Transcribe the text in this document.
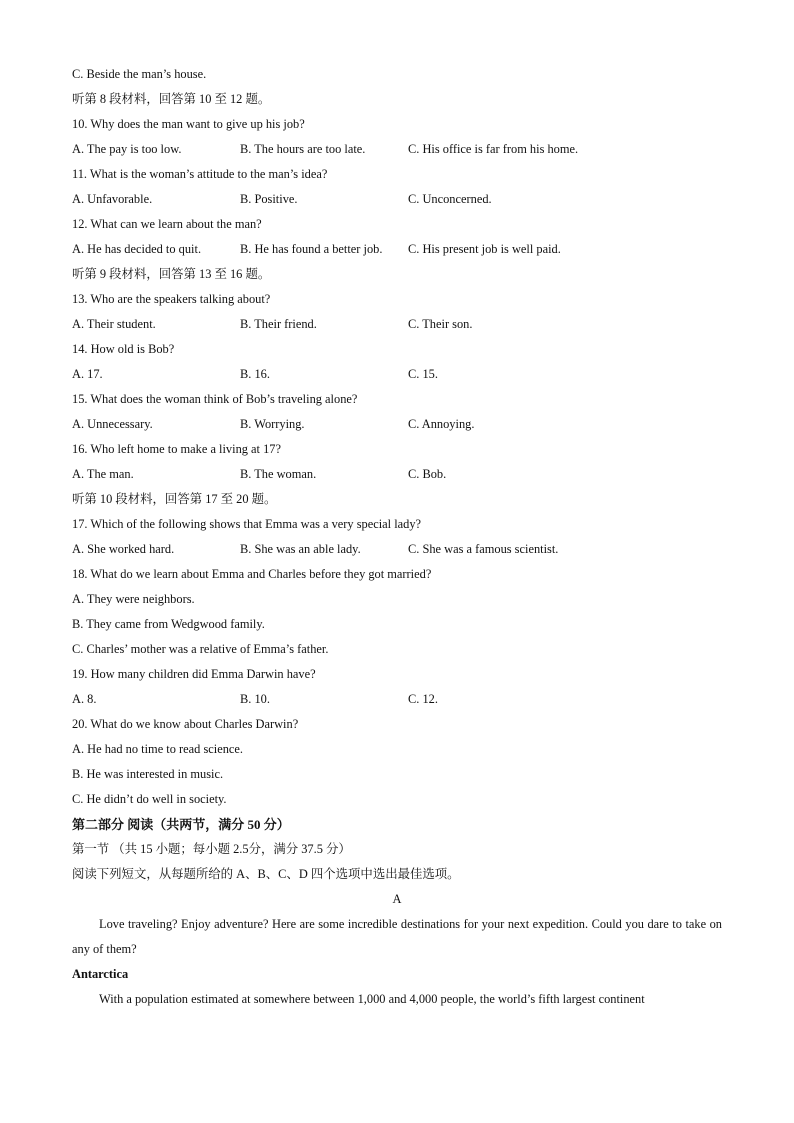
C. Beside the man’s house.
听第 8 段材料，回答第 10 至 12 题。
10. Why does the man want to give up his job?
A. The pay is too low.	B. The hours are too late.	C. His office is far from his home.
11. What is the woman’s attitude to the man’s idea?
A. Unfavorable.	B. Positive.	C. Unconcerned.
12. What can we learn about the man?
A. He has decided to quit.	B. He has found a better job.	C. His present job is well paid.
听第 9 段材料，回答第 13 至 16 题。
13. Who are the speakers talking about?
A. Their student.	B. Their friend.	C. Their son.
14. How old is Bob?
A. 17.	B. 16.	C. 15.
15. What does the woman think of Bob’s traveling alone?
A. Unnecessary.	B. Worrying.	C. Annoying.
16. Who left home to make a living at 17?
A. The man.	B. The woman.	C. Bob.
听第 10 段材料，回答第 17 至 20 题。
17. Which of the following shows that Emma was a very special lady?
A. She worked hard.	B. She was an able lady.	C. She was a famous scientist.
18. What do we learn about Emma and Charles before they got married?
A. They were neighbors.
B. They came from Wedgwood family.
C. Charles’ mother was a relative of Emma’s father.
19. How many children did Emma Darwin have?
A. 8.	B. 10.	C. 12.
20. What do we know about Charles Darwin?
A. He had no time to read science.
B. He was interested in music.
C. He didn’t do well in society.
第二部分 阅读（共两节，满分 50 分）
第一节 （共 15 小题；每小题 2.5分，满分 37.5 分）
阅读下列短文，从每题所给的 A、B、C、D 四个选项中选出最佳选项。
A
Love traveling? Enjoy adventure? Here are some incredible destinations for your next expedition. Could you dare to take on any of them?
Antarctica
With a population estimated at somewhere between 1,000 and 4,000 people, the world’s fifth largest continent
